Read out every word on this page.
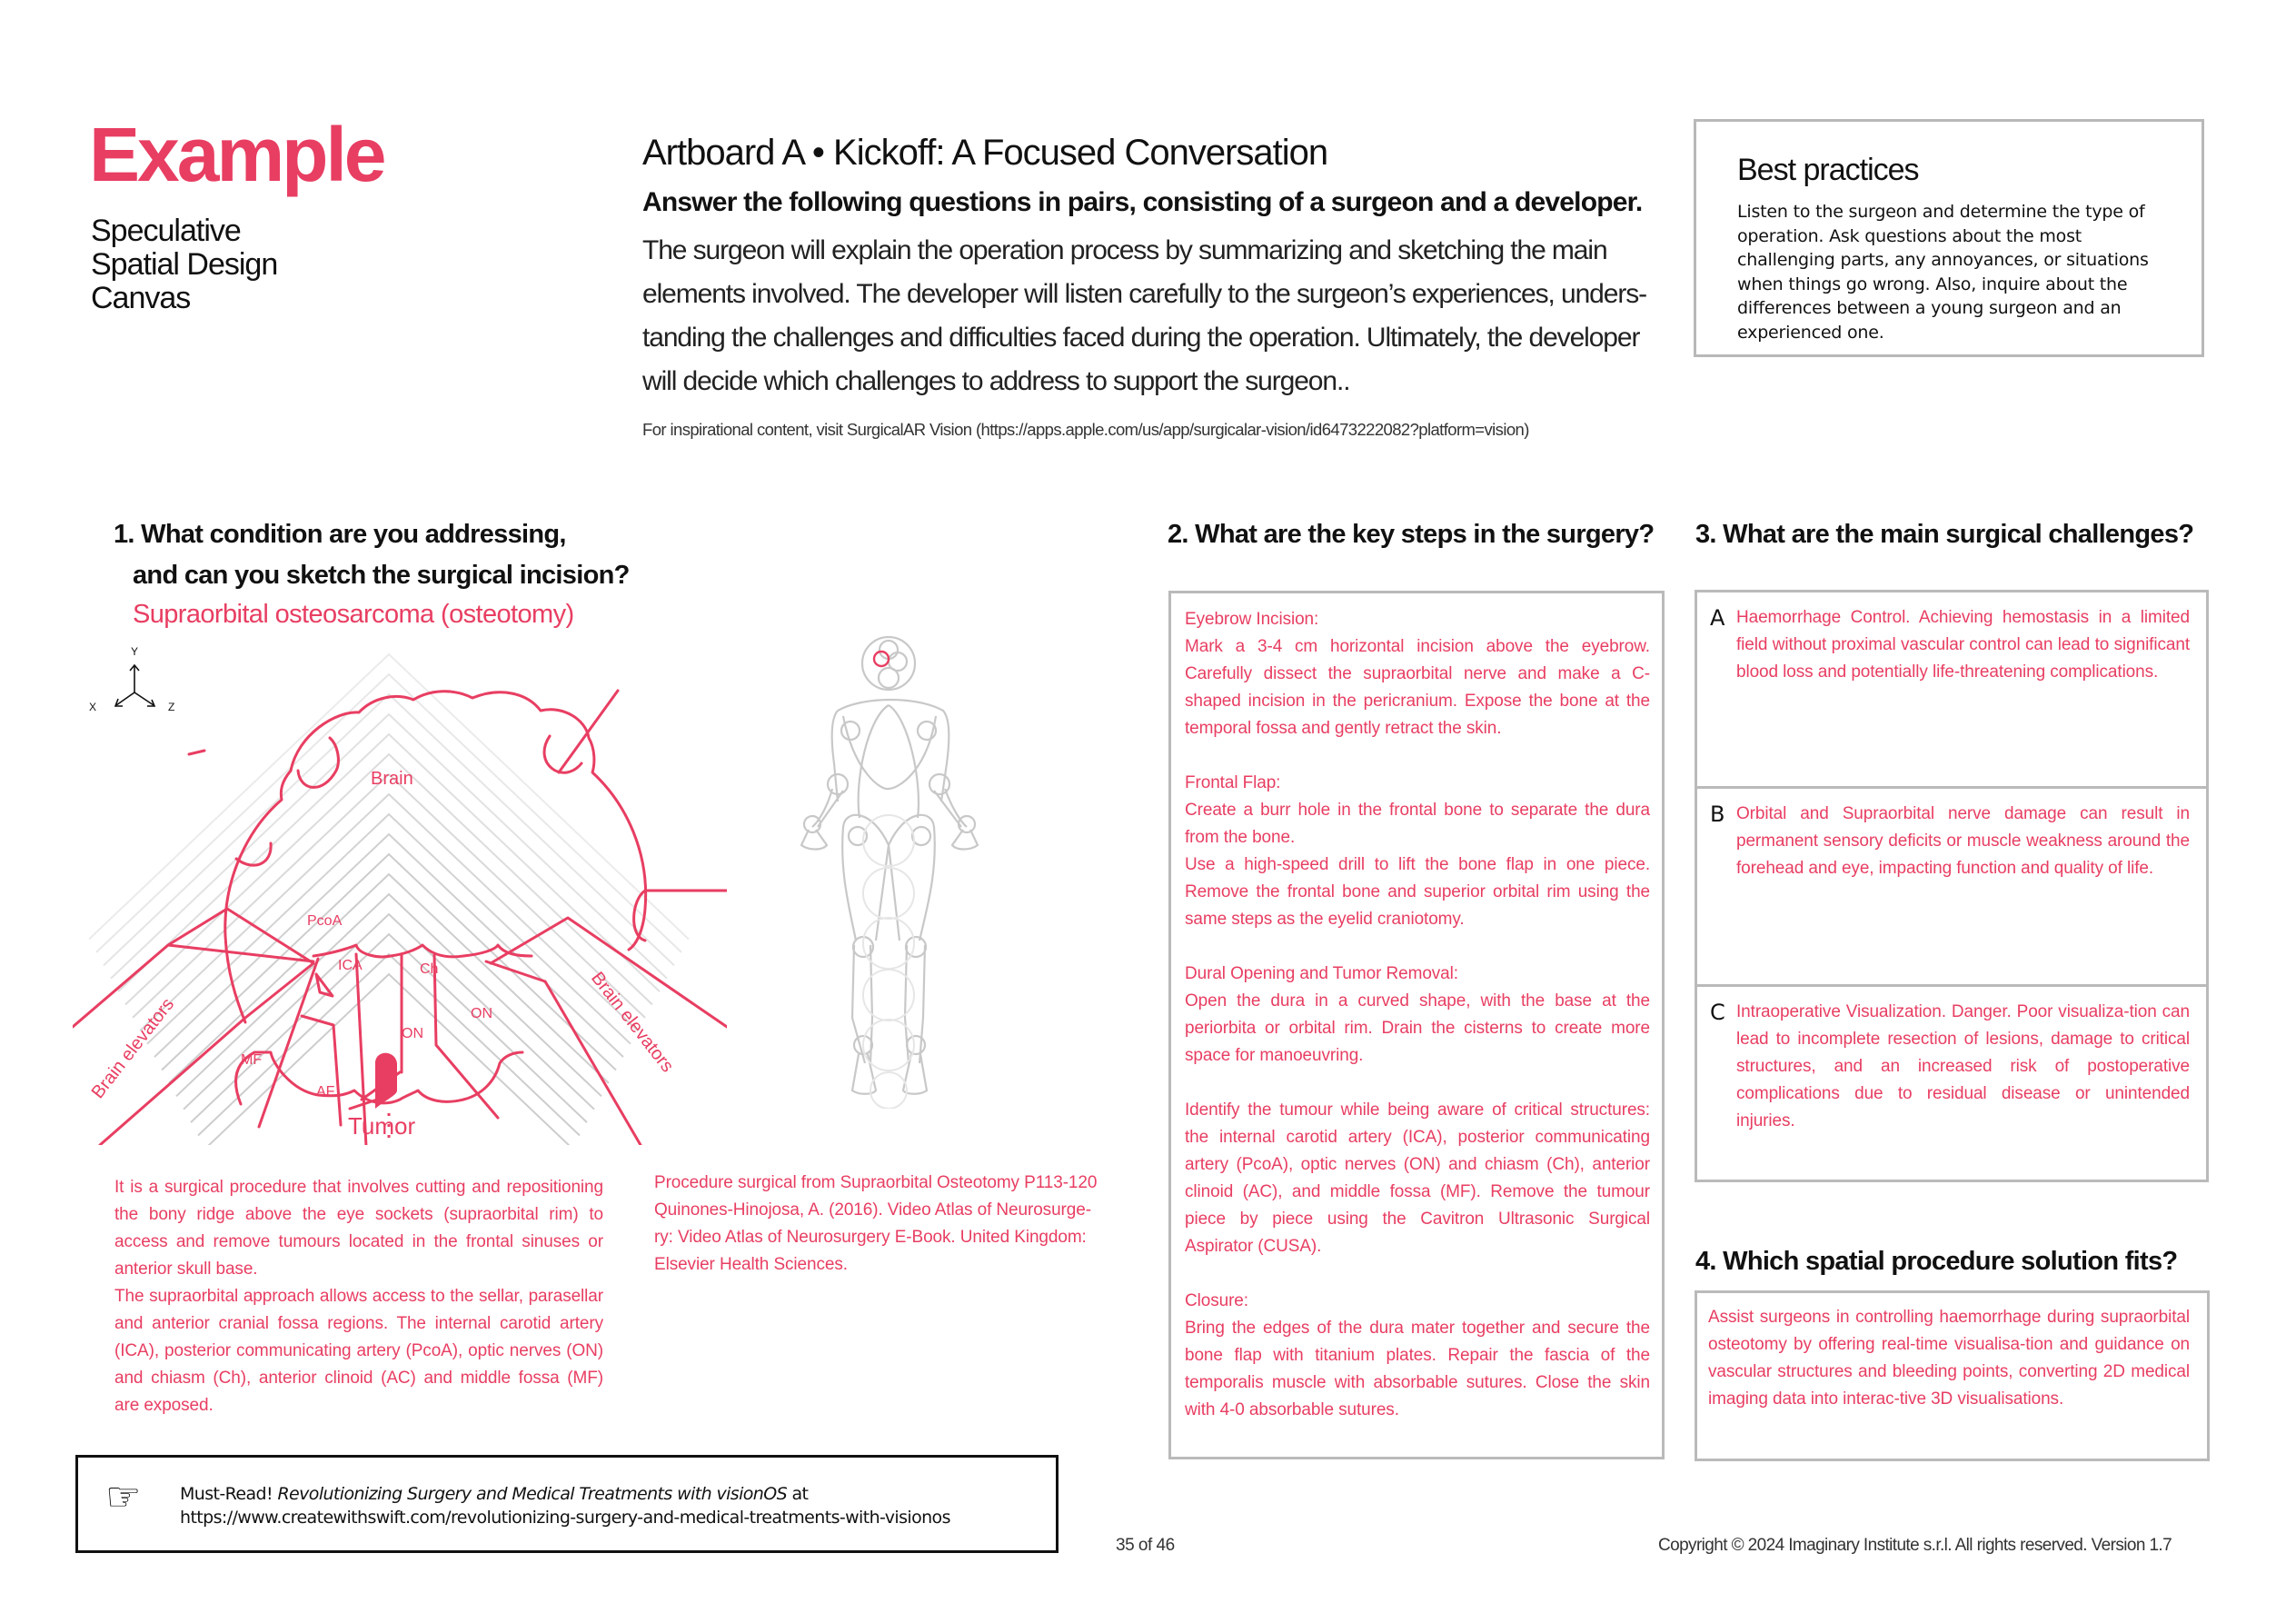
Example
Speculative
Spatial Design
Canvas
Artboard A • Kickoff: A Focused Conversation
Answer the following questions in pairs, consisting of a surgeon and a developer.
The surgeon will explain the operation process by summarizing and sketching the main
elements involved. The developer will listen carefully to the surgeon’s experiences, unders-
tanding the challenges and difficulties faced during the operation. Ultimately, the developer
will decide which challenges to address to support the surgeon..
For inspirational content, visit SurgicalAR Vision (https://apps.apple.com/us/app/surgicalar-vision/id6473222082?platform=vision)
Best practices
Listen to the surgeon and determine the type of
operation. Ask questions about the most
challenging parts, any annoyances, or situations
when things go wrong. Also, inquire about the
differences between a young surgeon and an
experienced one.
1. What condition are you addressing,
and can you sketch the surgical incision?
Supraorbital osteosarcoma (osteotomy)
Y
X	Z
Brain
PcoA
ICA	Ch
ON
ON
MF
AF
Tumor
Brain elevators	Brain elevators
It is a surgical procedure that involves cutting and repositioning the bony ridge above the eye sockets (supraorbital rim) to access and remove tumours located in the frontal sinuses or anterior skull base.
The supraorbital approach allows access to the sellar, parasellar and anterior cranial fossa regions. The internal carotid artery (ICA), posterior communicating artery (PcoA), optic nerves (ON) and chiasm (Ch), anterior clinoid (AC) and middle fossa (MF) are exposed.
Procedure surgical from Supraorbital Osteotomy P113-120
Quinones-Hinojosa, A. (2016). Video Atlas of Neurosurge-
ry: Video Atlas of Neurosurgery E-Book. United Kingdom:
Elsevier Health Sciences.
2. What are the key steps in the surgery?
Eyebrow Incision:
Mark a 3-4 cm horizontal incision above the eyebrow. Carefully dissect the supraorbital nerve and make a C-shaped incision in the pericranium. Expose the bone at the temporal fossa and gently retract the skin.
Frontal Flap:
Create a burr hole in the frontal bone to separate the dura from the bone.
Use a high-speed drill to lift the bone flap in one piece. Remove the frontal bone and superior orbital rim using the same steps as the eyelid craniotomy.
Dural Opening and Tumor Removal:
Open the dura in a curved shape, with the base at the periorbita or orbital rim. Drain the cisterns to create more space for manoeuvring.
Identify the tumour while being aware of critical structures: the internal carotid artery (ICA), posterior communicating artery (PcoA), optic nerves (ON) and chiasm (Ch), anterior clinoid (AC), and middle fossa (MF). Remove the tumour piece by piece using the Cavitron Ultrasonic Surgical Aspirator (CUSA).
Closure:
Bring the edges of the dura mater together and secure the bone flap with titanium plates. Repair the fascia of the temporalis muscle with absorbable sutures. Close the skin with 4-0 absorbable sutures.
3. What are the main surgical challenges?
A Haemorrhage Control. Achieving hemostasis in a limited field without proximal vascular control can lead to significant blood loss and potentially life-threatening complications.
B Orbital and Supraorbital nerve damage can result in permanent sensory deficits or muscle weakness around the forehead and eye, impacting function and quality of life.
C Intraoperative Visualization. Danger. Poor visualiza-tion can lead to incomplete resection of lesions, damage to critical structures, and an increased risk of postoperative complications due to residual disease or unintended injuries.
4. Which spatial procedure solution fits?
Assist surgeons in controlling haemorrhage during supraorbital osteotomy by offering real-time visualisa-tion and guidance on vascular structures and bleeding points, converting 2D medical imaging data into interac-tive 3D visualisations.
☞ Must-Read! Revolutionizing Surgery and Medical Treatments with visionOS at
https://www.createwithswift.com/revolutionizing-surgery-and-medical-treatments-with-visionos
35 of 46	Copyright © 2024 Imaginary Institute s.r.l. All rights reserved. Version 1.7
